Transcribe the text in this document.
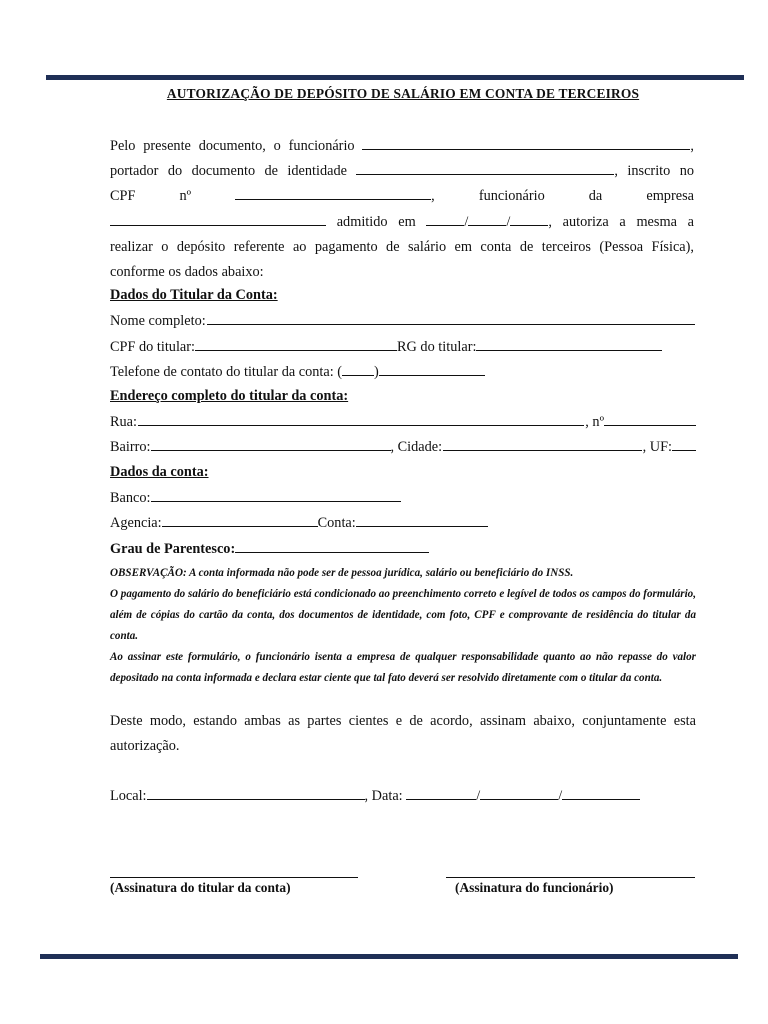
AUTORIZAÇÃO DE DEPÓSITO DE SALÁRIO EM CONTA DE TERCEIROS
Pelo presente documento, o funcionário	,
portador do documento de identidade	, inscrito no
CPF	nº	,	funcionário	da	empresa
admitido em	/	/	, autoriza a mesma a
realizar o depósito referente ao pagamento de salário em conta de terceiros (Pessoa Física),
conforme os dados abaixo:
Dados do Titular da Conta:
Nome completo:
CPF do titular:	RG do titular:
Telefone de contato do titular da conta: ( )
Endereço completo do titular da conta:
Rua:	, nº
Bairro:	, Cidade:	, UF:
Dados da conta:
Banco:
Agencia:	Conta:
Grau de Parentesco:

OBSERVAÇÃO: A conta informada não pode ser de pessoa jurídica, salário ou beneficiário do INSS.

O pagamento do salário do beneficiário está condicionado ao preenchimento correto e legível de todos os campos do formulário, além de cópias do cartão da conta, dos documentos de identidade, com foto, CPF e comprovante de residência do titular da conta.

Ao assinar este formulário, o funcionário isenta a empresa de qualquer responsabilidade quanto ao não repasse do valor depositado na conta informada e declara estar ciente que tal fato deverá ser resolvido diretamente com o titular da conta.

Deste modo, estando ambas as partes cientes e de acordo, assinam abaixo, conjuntamente esta autorização.
Local:	, Data:	/	/
(Assinatura do titular da conta)	(Assinatura do funcionário)
